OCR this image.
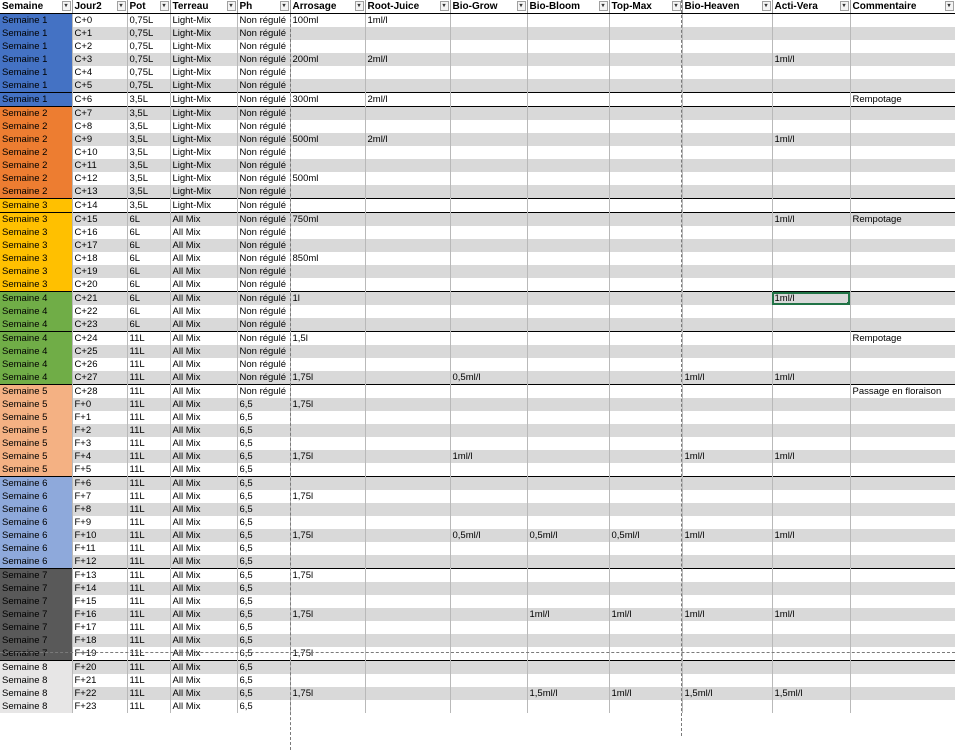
Semaine ▾	Jour2 ▾	Pot ▾	Terreau ▾	Ph ▾	Arrosage ▾	Root-Juice ▾	Bio-Grow ▾	Bio-Bloom ▾	Top-Max ▾	Bio-Heaven ▾	Acti-Vera ▾	Commentaire ▾

Semaine 1	C+0	0,75L	Light-Mix	Non régulé	100ml	1ml/l						
Semaine 1	C+1	0,75L	Light-Mix	Non régulé								
Semaine 1	C+2	0,75L	Light-Mix	Non régulé								
Semaine 1	C+3	0,75L	Light-Mix	Non régulé	200ml	2ml/l					1ml/l	
Semaine 1	C+4	0,75L	Light-Mix	Non régulé								
Semaine 1	C+5	0,75L	Light-Mix	Non régulé								
Semaine 1	C+6	3,5L	Light-Mix	Non régulé	300ml	2ml/l						Rempotage
Semaine 2	C+7	3,5L	Light-Mix	Non régulé								
Semaine 2	C+8	3,5L	Light-Mix	Non régulé								
Semaine 2	C+9	3,5L	Light-Mix	Non régulé	500ml	2ml/l					1ml/l	
Semaine 2	C+10	3,5L	Light-Mix	Non régulé								
Semaine 2	C+11	3,5L	Light-Mix	Non régulé								
Semaine 2	C+12	3,5L	Light-Mix	Non régulé	500ml							
Semaine 2	C+13	3,5L	Light-Mix	Non régulé								
Semaine 3	C+14	3,5L	Light-Mix	Non régulé								
Semaine 3	C+15	6L	All Mix	Non régulé	750ml						1ml/l	Rempotage
Semaine 3	C+16	6L	All Mix	Non régulé								
Semaine 3	C+17	6L	All Mix	Non régulé								
Semaine 3	C+18	6L	All Mix	Non régulé	850ml							
Semaine 3	C+19	6L	All Mix	Non régulé								
Semaine 3	C+20	6L	All Mix	Non régulé								
Semaine 4	C+21	6L	All Mix	Non régulé	1l						1ml/l	
Semaine 4	C+22	6L	All Mix	Non régulé								
Semaine 4	C+23	6L	All Mix	Non régulé								
Semaine 4	C+24	11L	All Mix	Non régulé	1,5l							Rempotage
Semaine 4	C+25	11L	All Mix	Non régulé								
Semaine 4	C+26	11L	All Mix	Non régulé								
Semaine 4	C+27	11L	All Mix	Non régulé	1,75l		0,5ml/l			1ml/l	1ml/l	
Semaine 5	C+28	11L	All Mix	Non régulé								Passage en floraison
Semaine 5	F+0	11L	All Mix	6,5	1,75l							
Semaine 5	F+1	11L	All Mix	6,5								
Semaine 5	F+2	11L	All Mix	6,5								
Semaine 5	F+3	11L	All Mix	6,5								
Semaine 5	F+4	11L	All Mix	6,5	1,75l		1ml/l			1ml/l	1ml/l	
Semaine 5	F+5	11L	All Mix	6,5								
Semaine 6	F+6	11L	All Mix	6,5								
Semaine 6	F+7	11L	All Mix	6,5	1,75l							
Semaine 6	F+8	11L	All Mix	6,5								
Semaine 6	F+9	11L	All Mix	6,5								
Semaine 6	F+10	11L	All Mix	6,5	1,75l		0,5ml/l	0,5ml/l	0,5ml/l	1ml/l	1ml/l	
Semaine 6	F+11	11L	All Mix	6,5								
Semaine 6	F+12	11L	All Mix	6,5								
Semaine 7	F+13	11L	All Mix	6,5	1,75l							
Semaine 7	F+14	11L	All Mix	6,5								
Semaine 7	F+15	11L	All Mix	6,5								
Semaine 7	F+16	11L	All Mix	6,5	1,75l			1ml/l	1ml/l	1ml/l	1ml/l	
Semaine 7	F+17	11L	All Mix	6,5								
Semaine 7	F+18	11L	All Mix	6,5								
Semaine 7	F+19	11L	All Mix	6,5	1,75l							
Semaine 8	F+20	11L	All Mix	6,5								
Semaine 8	F+21	11L	All Mix	6,5								
Semaine 8	F+22	11L	All Mix	6,5	1,75l			1,5ml/l	1ml/l	1,5ml/l	1,5ml/l	
Semaine 8	F+23	11L	All Mix	6,5								
